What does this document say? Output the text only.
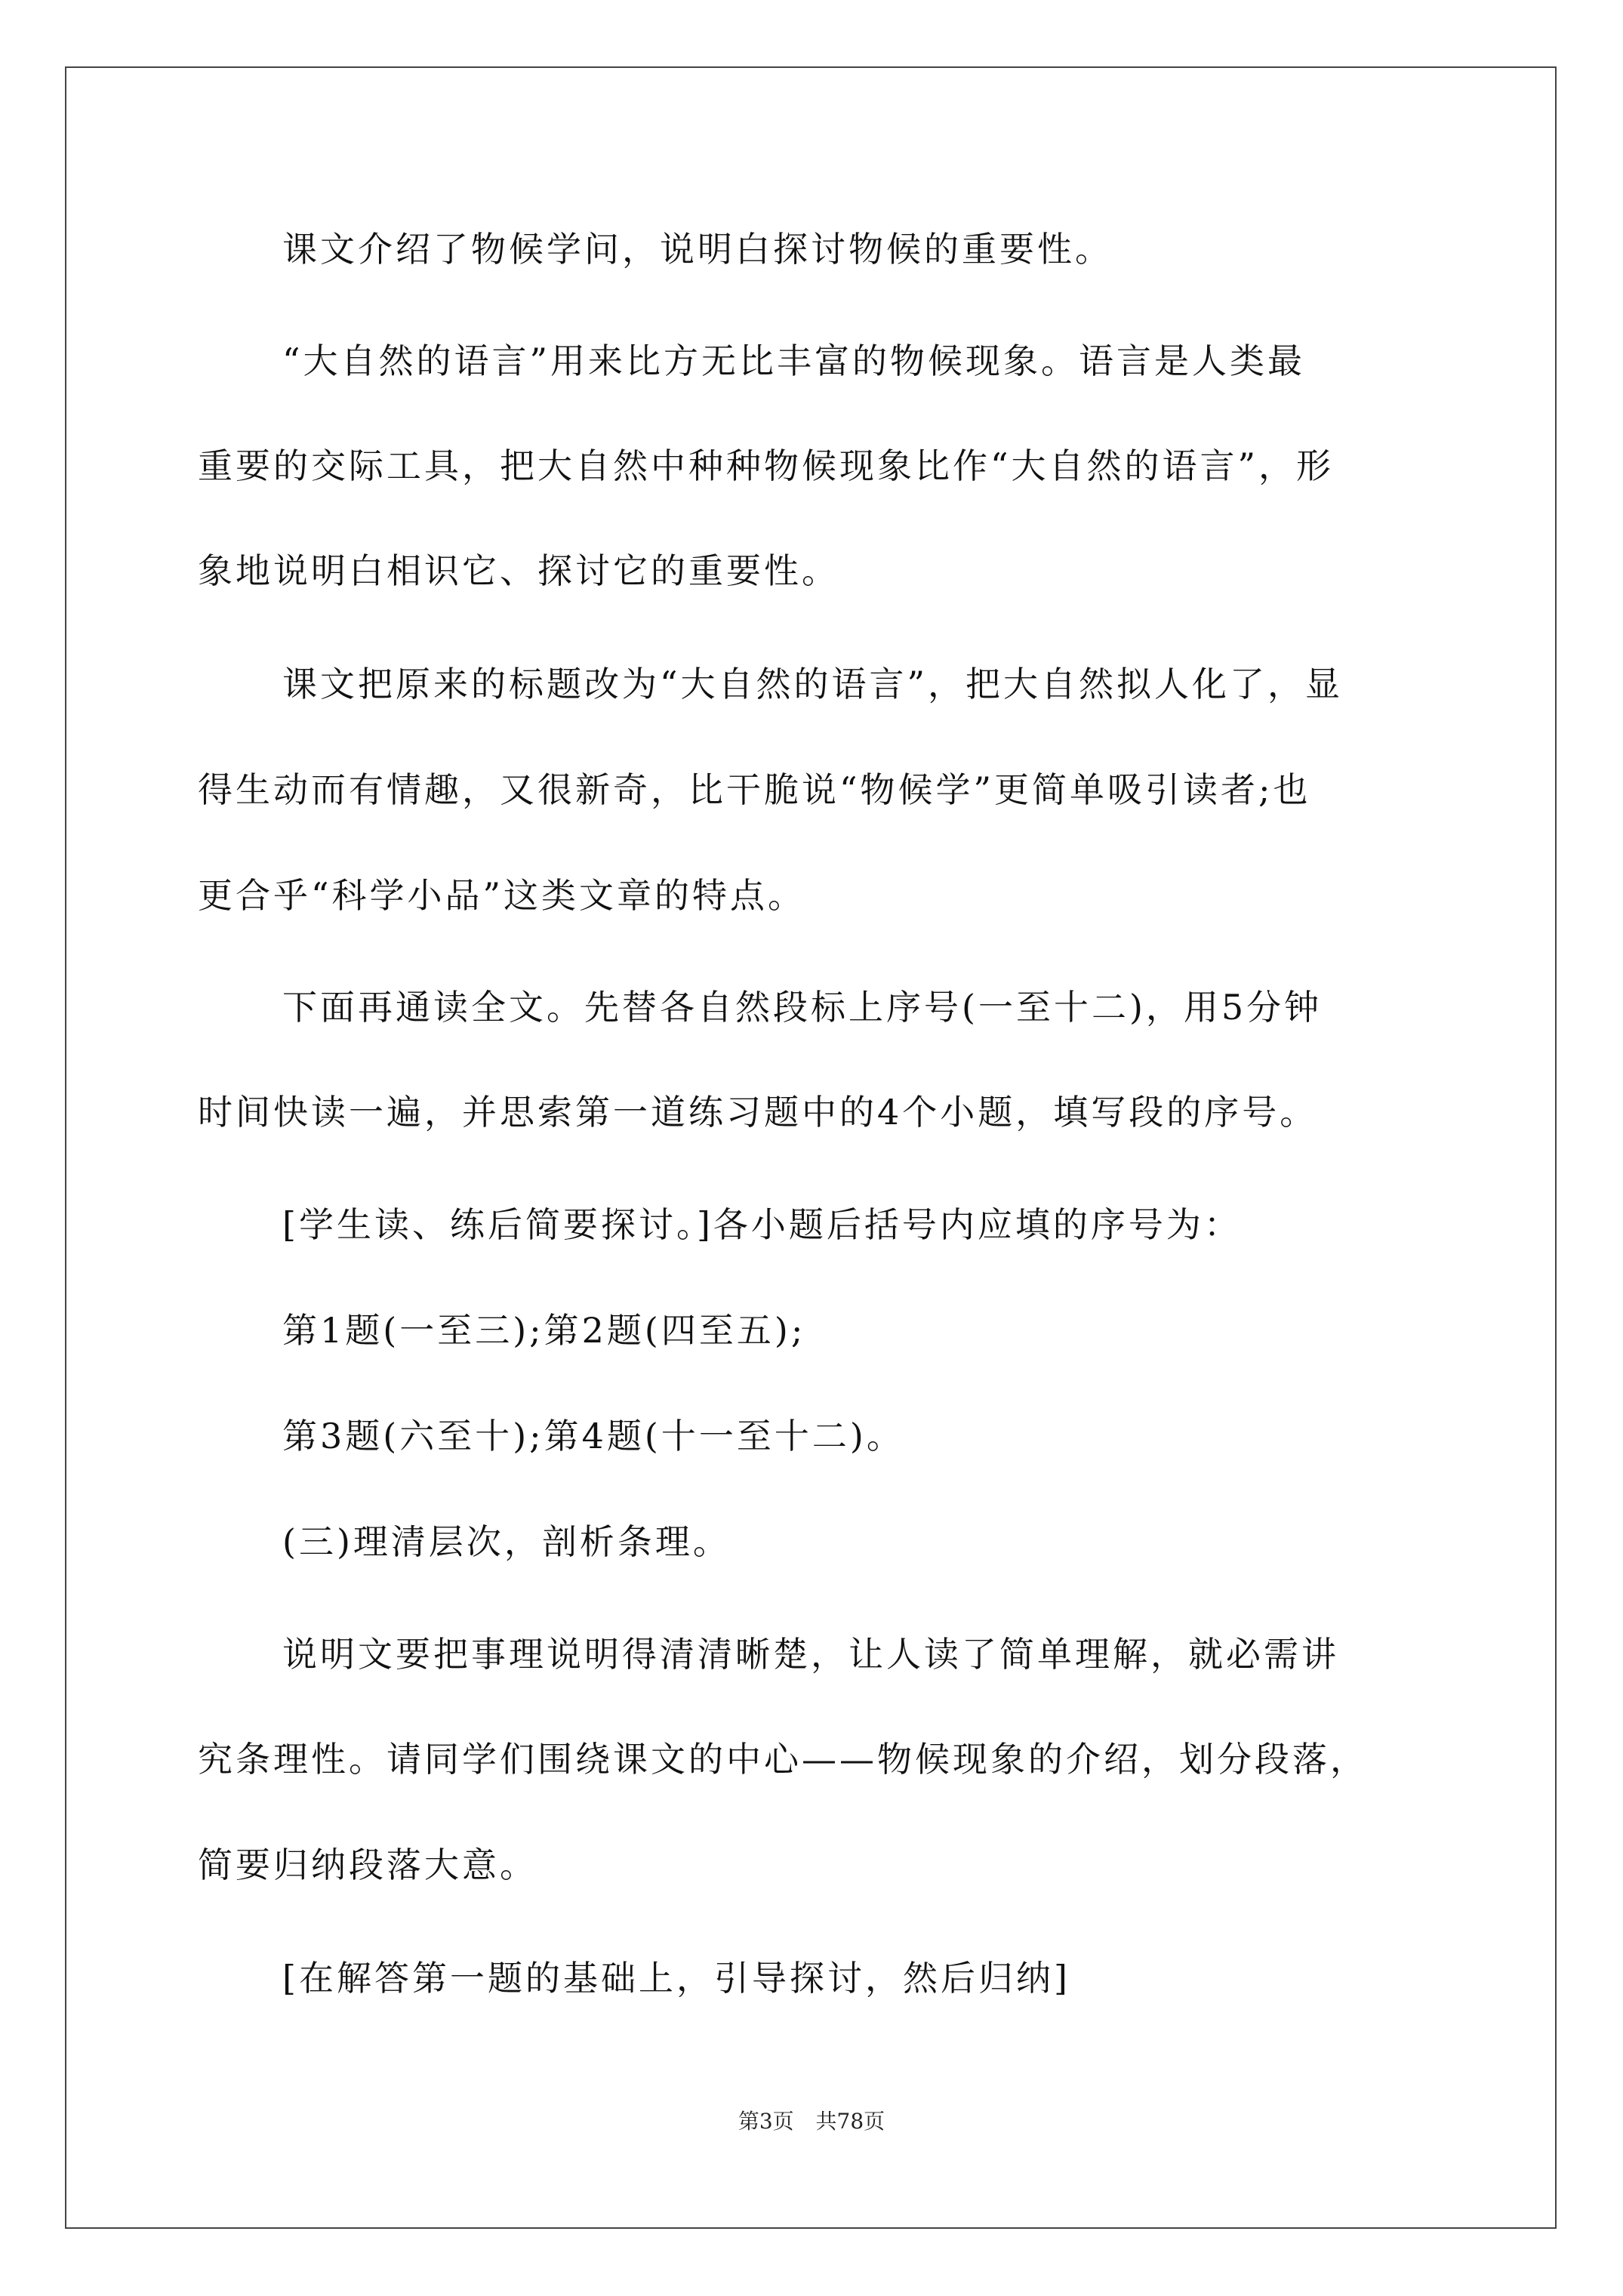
课文介绍了物候学问，说明白探讨物候的重要性。
“大自然的语言”用来比方无比丰富的物候现象。语言是人类最
重要的交际工具，把大自然中种种物候现象比作“大自然的语言”，形
象地说明白相识它、探讨它的重要性。
课文把原来的标题改为“大自然的语言”，把大自然拟人化了，显
得生动而有情趣，又很新奇，比干脆说“物候学”更简单吸引读者;也
更合乎“科学小品”这类文章的特点。
下面再通读全文。先替各自然段标上序号(一至十二)，用5分钟
时间快读一遍，并思索第一道练习题中的4个小题，填写段的序号。
[学生读、练后简要探讨。]各小题后括号内应填的序号为：
第1题(一至三);第2题(四至五);
第3题(六至十);第4题(十一至十二)。
(三)理清层次，剖析条理。
说明文要把事理说明得清清晰楚，让人读了简单理解，就必需讲
究条理性。请同学们围绕课文的中心——物候现象的介绍，划分段落，
简要归纳段落大意。
[在解答第一题的基础上，引导探讨，然后归纳]
第3页 共78页
